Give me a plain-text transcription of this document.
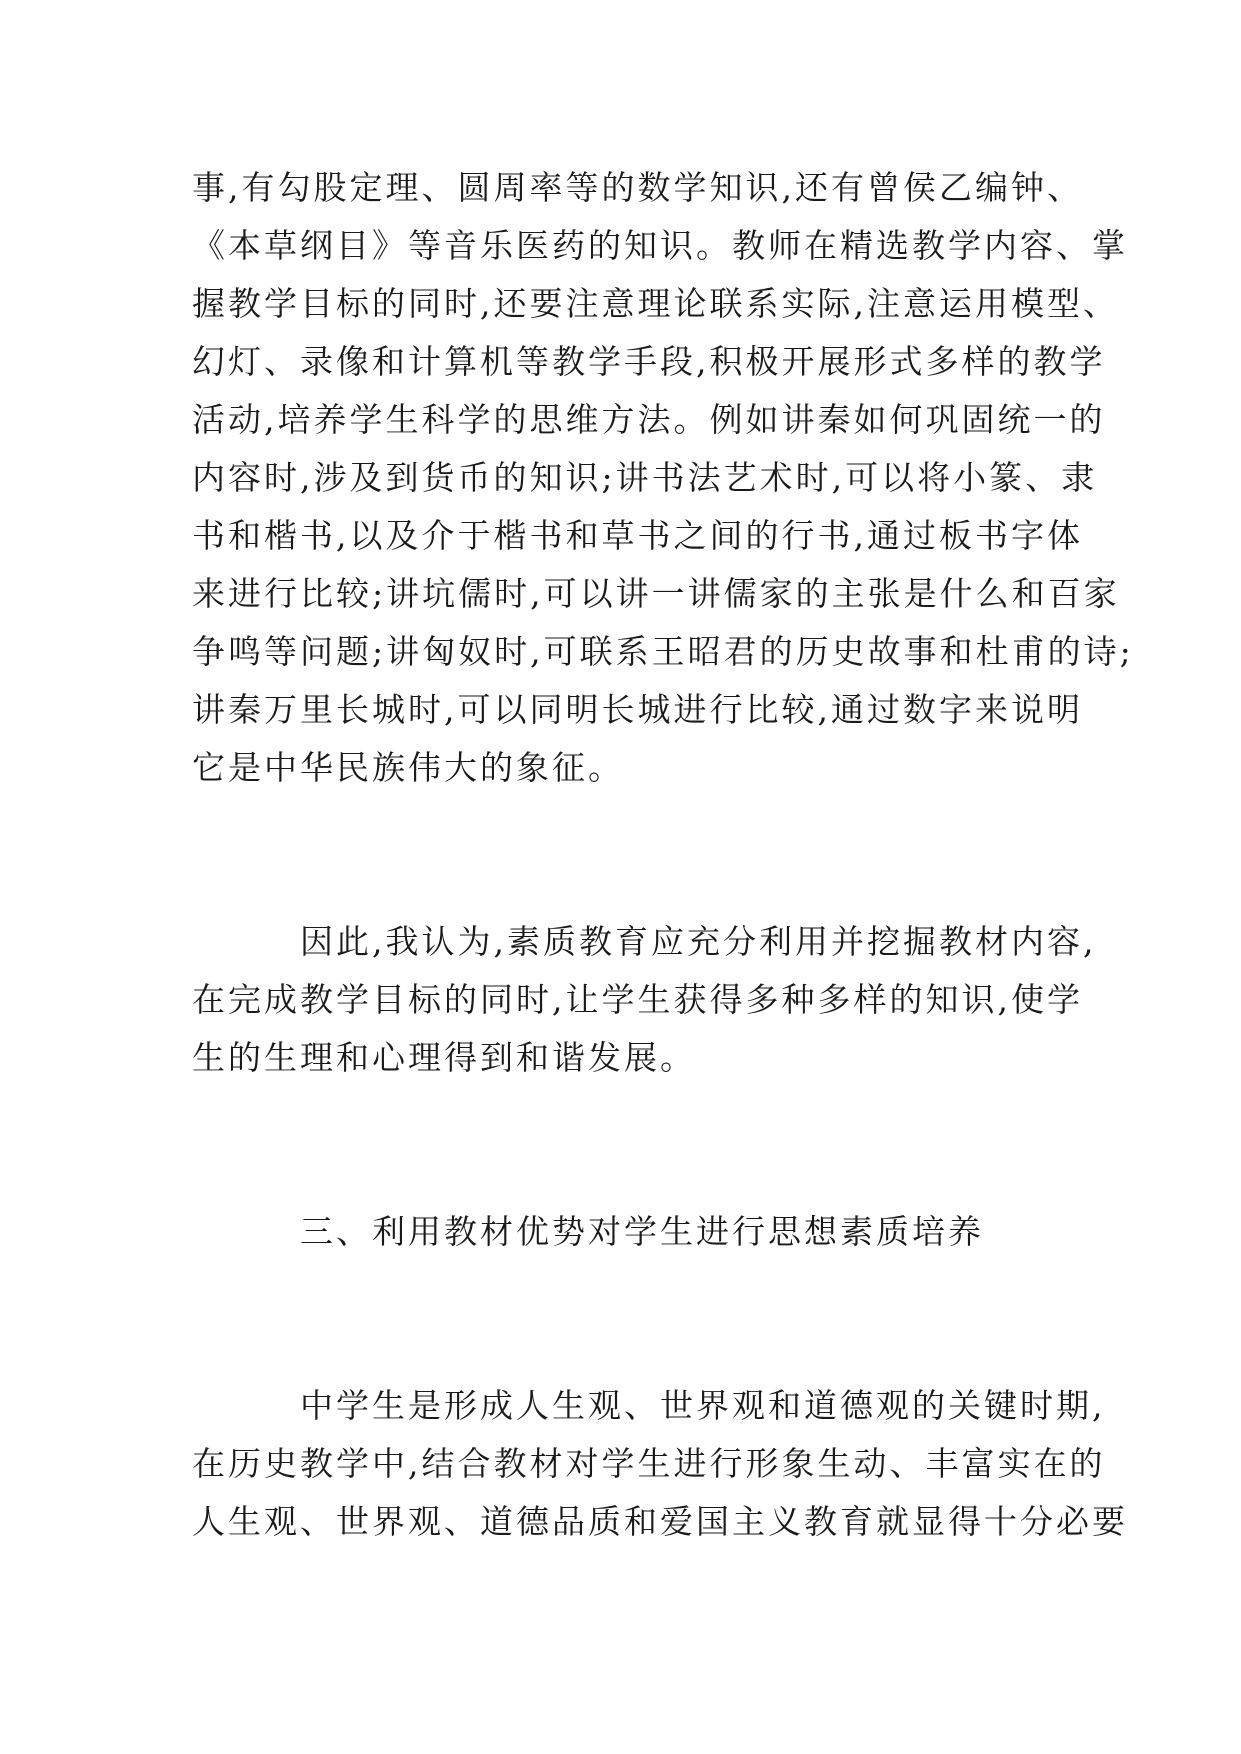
事,有勾股定理、圆周率等的数学知识,还有曾侯乙编钟、
《本草纲目》等音乐医药的知识。教师在精选教学内容、掌
握教学目标的同时,还要注意理论联系实际,注意运用模型、
幻灯、录像和计算机等教学手段,积极开展形式多样的教学
活动,培养学生科学的思维方法。例如讲秦如何巩固统一的
内容时,涉及到货币的知识;讲书法艺术时,可以将小篆、隶
书和楷书,以及介于楷书和草书之间的行书,通过板书字体
来进行比较;讲坑儒时,可以讲一讲儒家的主张是什么和百家
争鸣等问题;讲匈奴时,可联系王昭君的历史故事和杜甫的诗;
讲秦万里长城时,可以同明长城进行比较,通过数字来说明
它是中华民族伟大的象征。
因此,我认为,素质教育应充分利用并挖掘教材内容,
在完成教学目标的同时,让学生获得多种多样的知识,使学
生的生理和心理得到和谐发展。
三、利用教材优势对学生进行思想素质培养
中学生是形成人生观、世界观和道德观的关键时期,
在历史教学中,结合教材对学生进行形象生动、丰富实在的
人生观、世界观、道德品质和爱国主义教育就显得十分必要
